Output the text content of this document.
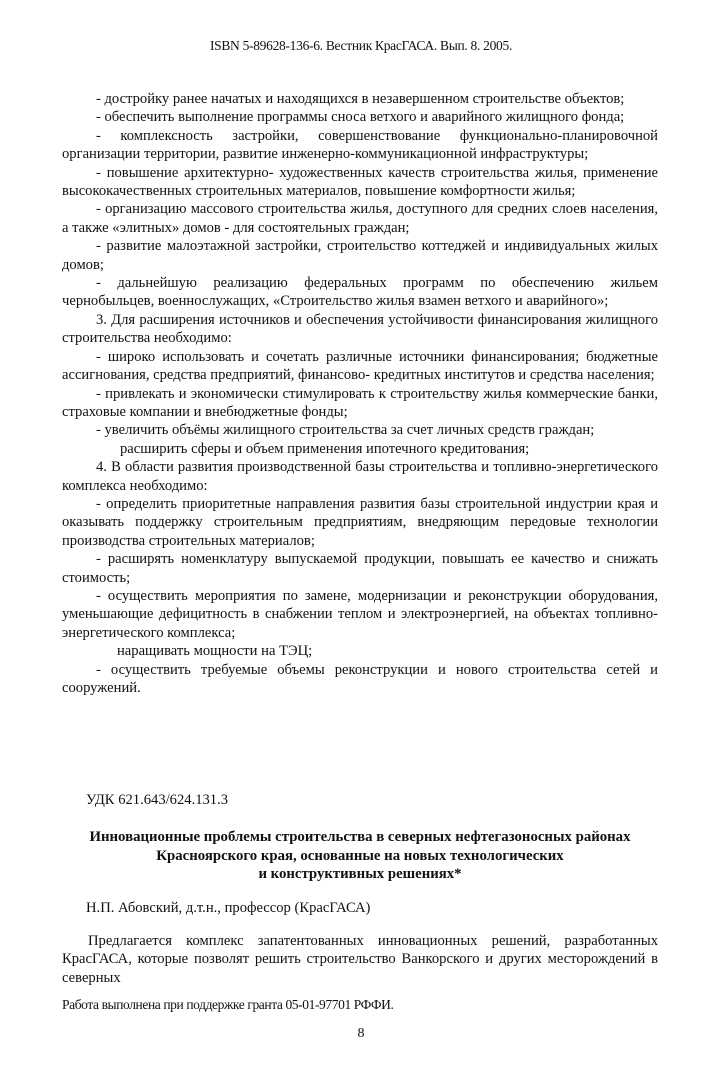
ISBN 5-89628-136-6. Вестник КрасГАСА. Вып. 8. 2005.

- достройку ранее начатых и находящихся в незавершенном строительстве объектов;

- обеспечить выполнение программы сноса ветхого и аварийного жилищного фонда;

- комплексность застройки, совершенствование функционально-планировочной организации территории, развитие инженерно-коммуникационной инфраструктуры;

- повышение архитектурно- художественных качеств строительства жилья, применение высококачественных строительных материалов, повышение комфортности жилья;

- организацию массового строительства жилья, доступного для средних слоев населения, а также «элитных» домов - для состоятельных граждан;

- развитие малоэтажной застройки, строительство коттеджей и индивидуальных жилых домов;

- дальнейшую реализацию федеральных программ по обеспечению жильем чернобыльцев, военнослужащих, «Строительство жилья взамен ветхого и аварийного»;

3. Для расширения источников и обеспечения устойчивости финансирования жилищного строительства необходимо:

- широко использовать и сочетать различные источники финансирования; бюджетные ассигнования, средства предприятий, финансово- кредитных институтов и средства населения;

- привлекать и экономически стимулировать к строительству жилья коммерческие банки, страховые компании и внебюджетные фонды;

- увеличить объёмы жилищного строительства за счет личных средств граждан;

расширить сферы и объем применения ипотечного кредитования;

4. В области развития производственной базы строительства и топливно-энергетического комплекса необходимо:

- определить приоритетные направления развития базы строительной индустрии края и оказывать поддержку строительным предприятиям, внедряющим передовые технологии производства строительных материалов;

- расширять номенклатуру выпускаемой продукции, повышать ее качество и снижать стоимость;

- осуществить мероприятия по замене, модернизации и реконструкции оборудования, уменьшающие дефицитность в снабжении теплом и электроэнергией, на объектах топливно-энергетического комплекса;

наращивать мощности на ТЭЦ;

- осуществить требуемые объемы реконструкции и нового строительства сетей и сооружений.

УДК 621.643/624.131.3
Инновационные проблемы строительства в северных нефтегазоносных районах
Красноярского края, основанные на новых технологических
и конструктивных решениях*
Н.П. Абовский, д.т.н., профессор (КрасГАСА)

Предлагается комплекс запатентованных инновационных решений, разработанных КрасГАСА, которые позволят решить строительство Ванкорского и других месторождений в северных

Работа выполнена при поддержке гранта 05-01-97701 РФФИ.
8
